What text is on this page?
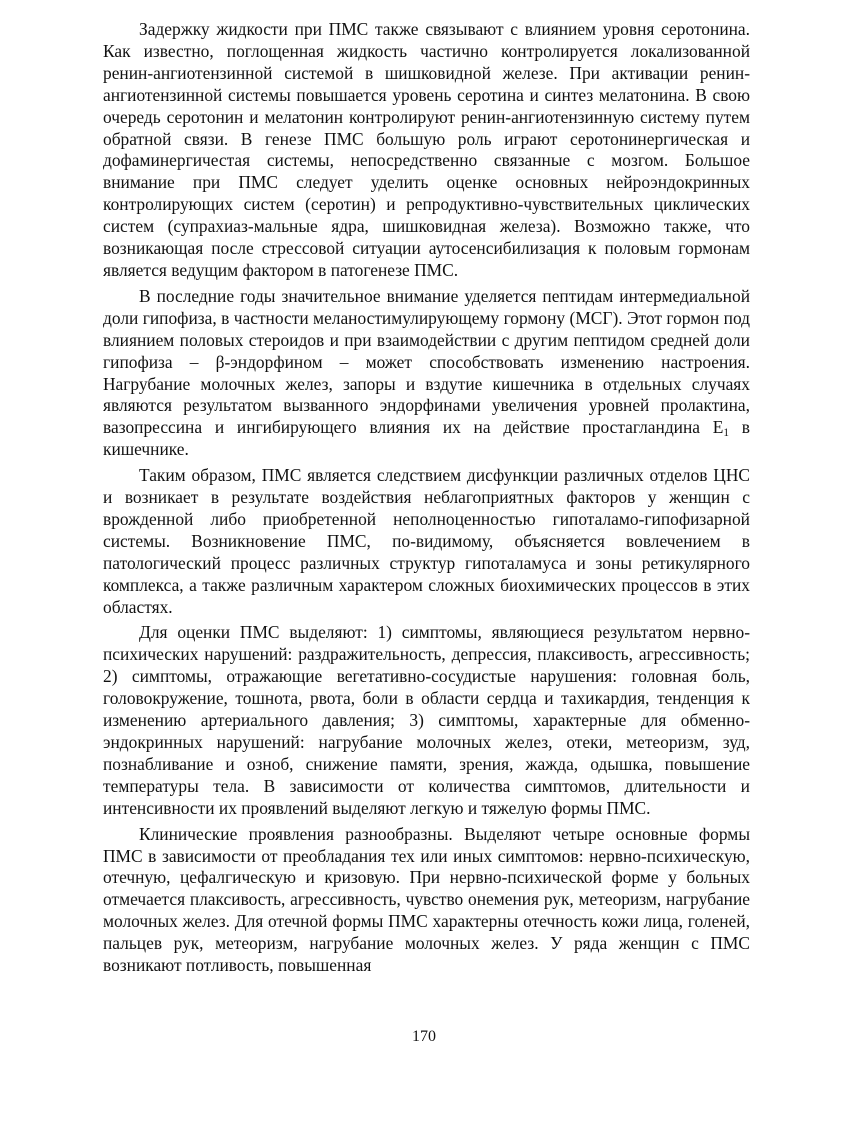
Задержку жидкости при ПМС также связывают с влиянием уровня серотонина. Как известно, поглощенная жидкость частично контролируется локализованной ренин-ангиотензинной системой в шишковидной железе. При активации ренин-ангиотензинной системы повышается уровень серотина и синтез мелатонина. В свою очередь серотонин и мелатонин контролируют ренин-ангиотензинную систему путем обратной связи. В генезе ПМС большую роль играют серотонинергическая и дофаминергичестая системы, непосредственно связанные с мозгом. Большое внимание при ПМС следует уделить оценке основных нейроэндокринных контролирующих систем (серотин) и репродуктивно-чувствительных циклических систем (супрахиаз-мальные ядра, шишковидная железа). Возможно также, что возникающая после стрессовой ситуации аутосенсибилизация к половым гормонам является ведущим фактором в патогенезе ПМС.

В последние годы значительное внимание уделяется пептидам интермедиальной доли гипофиза, в частности меланостимулирующему гормону (МСГ). Этот гормон под влиянием половых стероидов и при взаимодействии с другим пептидом средней доли гипофиза – β-эндорфином – может способствовать изменению настроения. Нагрубание молочных желез, запоры и вздутие кишечника в отдельных случаях являются результатом вызванного эндорфинами увеличения уровней пролактина, вазопрессина и ингибирующего влияния их на действие простагландина $E_1$ в кишечнике.

Таким образом, ПМС является следствием дисфункции различных отделов ЦНС и возникает в результате воздействия неблагоприятных факторов у женщин с врожденной либо приобретенной неполноценностью гипоталамо-гипофизарной системы. Возникновение ПМС, по-видимому, объясняется вовлечением в патологический процесс различных структур гипоталамуса и зоны ретикулярного комплекса, а также различным характером сложных биохимических процессов в этих областях.

Для оценки ПМС выделяют: 1) симптомы, являющиеся результатом нервно-психических нарушений: раздражительность, депрессия, плаксивость, агрессивность; 2) симптомы, отражающие вегетативно-сосудистые нарушения: головная боль, головокружение, тошнота, рвота, боли в области сердца и тахикардия, тенденция к изменению артериального давления; 3) симптомы, характерные для обменно-эндокринных нарушений: нагрубание молочных желез, отеки, метеоризм, зуд, познабливание и озноб, снижение памяти, зрения, жажда, одышка, повышение температуры тела. В зависимости от количества симптомов, длительности и интенсивности их проявлений выделяют легкую и тяжелую формы ПМС.

Клинические проявления разнообразны. Выделяют четыре основные формы ПМС в зависимости от преобладания тех или иных симптомов: нервно-психическую, отечную, цефалгическую и кризовую. При нервно-психической форме у больных отмечается плаксивость, агрессивность, чувство онемения рук, метеоризм, нагрубание молочных желез. Для отечной формы ПМС характерны отечность кожи лица, голеней, пальцев рук, метеоризм, нагрубание молочных желез. У ряда женщин с ПМС возникают потливость, повышенная

170
